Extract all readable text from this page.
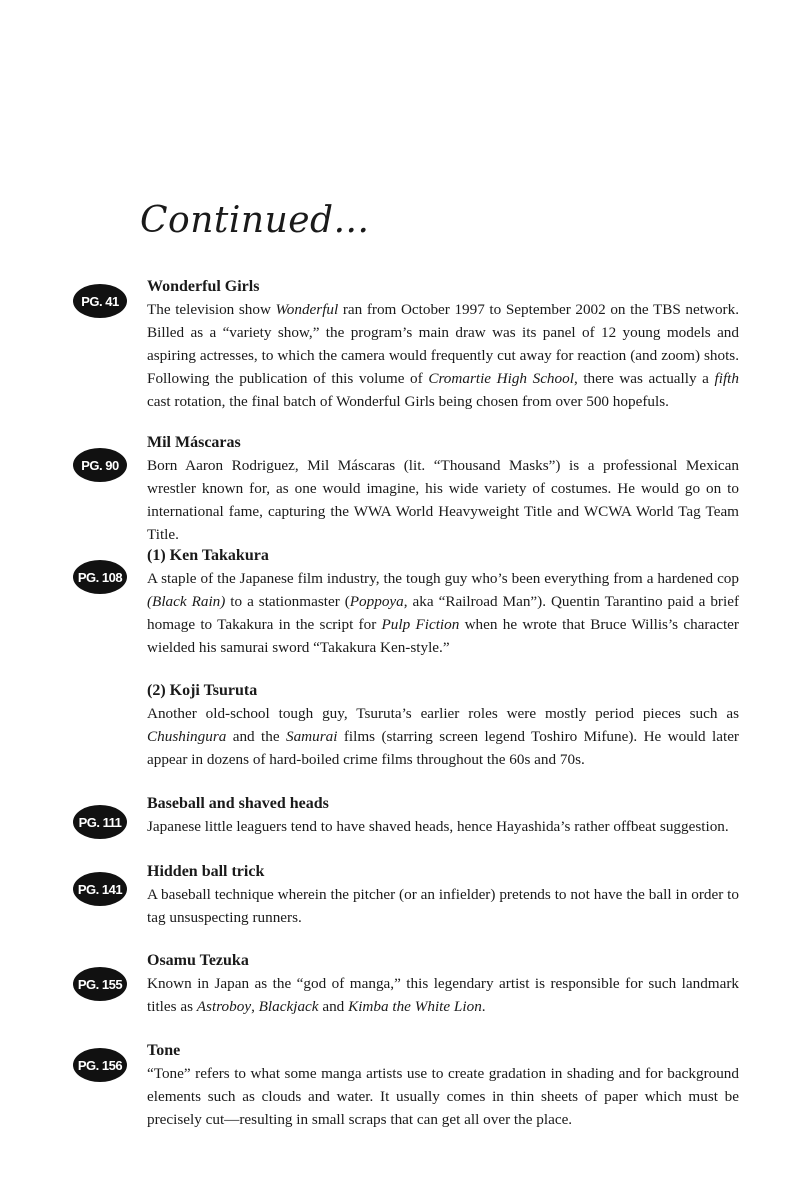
Continued...
PG. 41
Wonderful Girls

The television show Wonderful ran from October 1997 to September 2002 on the TBS network. Billed as a “variety show,” the program’s main draw was its panel of 12 young models and aspiring actresses, to which the camera would frequently cut away for reaction (and zoom) shots. Following the publication of this volume of Cromartie High School, there was actually a fifth cast rotation, the final batch of Wonderful Girls being chosen from over 500 hopefuls.

PG. 90
Mil Máscaras

Born Aaron Rodriguez, Mil Máscaras (lit. “Thousand Masks”) is a professional Mexican wrestler known for, as one would imagine, his wide variety of costumes. He would go on to international fame, capturing the WWA World Heavyweight Title and WCWA World Tag Team Title.

PG. 108
(1) Ken Takakura

A staple of the Japanese film industry, the tough guy who’s been everything from a hardened cop (Black Rain) to a stationmaster (Poppoya, aka “Railroad Man”). Quentin Tarantino paid a brief homage to Takakura in the script for Pulp Fiction when he wrote that Bruce Willis’s character wielded his samurai sword “Takakura Ken-style.”

(2) Koji Tsuruta

Another old-school tough guy, Tsuruta’s earlier roles were mostly period pieces such as Chushingura and the Samurai films (starring screen legend Toshiro Mifune). He would later appear in dozens of hard-boiled crime films throughout the 60s and 70s.

PG. 111
Baseball and shaved heads

Japanese little leaguers tend to have shaved heads, hence Hayashida’s rather offbeat suggestion.

PG. 141
Hidden ball trick

A baseball technique wherein the pitcher (or an infielder) pretends to not have the ball in order to tag unsuspecting runners.

PG. 155
Osamu Tezuka

Known in Japan as the “god of manga,” this legendary artist is responsible for such landmark titles as Astroboy, Blackjack and Kimba the White Lion.

PG. 156
Tone

“Tone” refers to what some manga artists use to create gradation in shading and for background elements such as clouds and water. It usually comes in thin sheets of paper which must be precisely cut—resulting in small scraps that can get all over the place.
